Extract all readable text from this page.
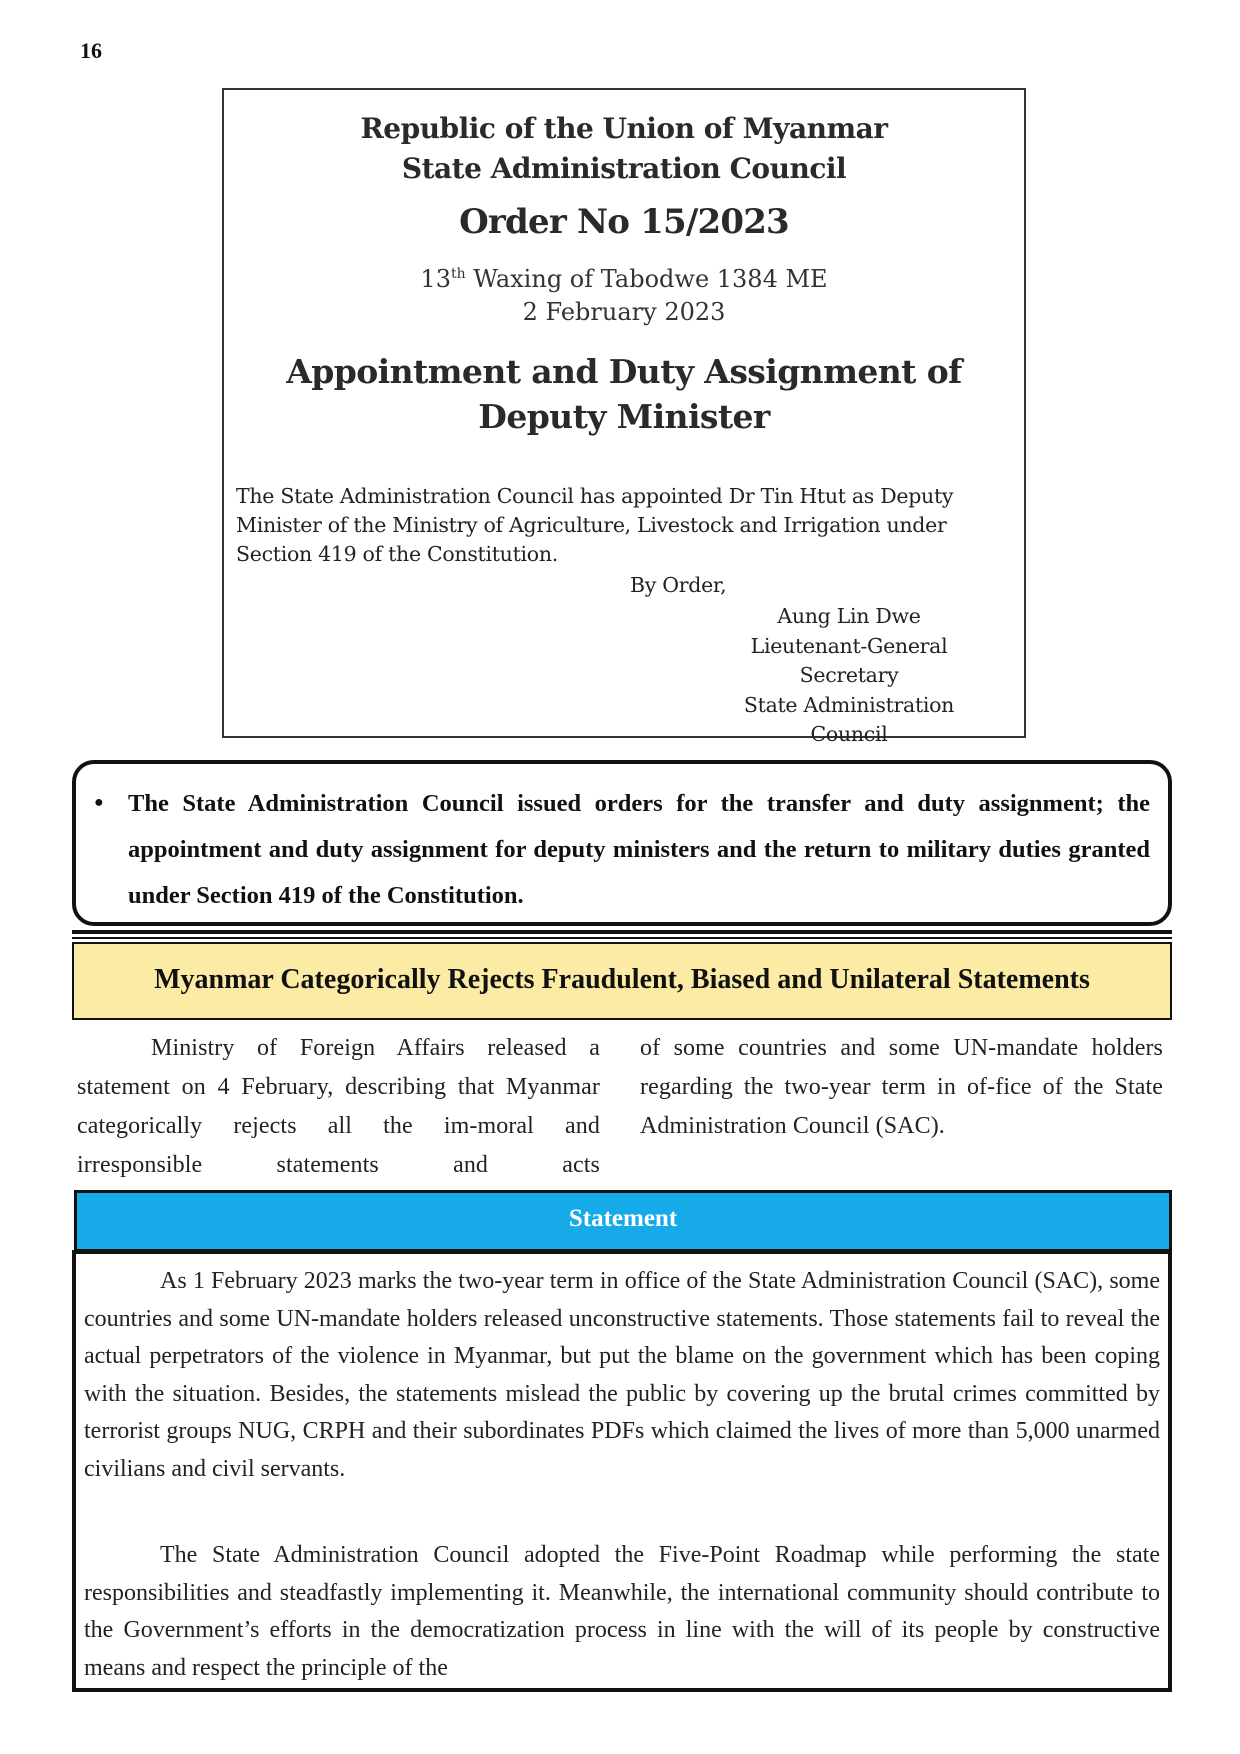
16
Republic of the Union of Myanmar
State Administration Council
Order No 15/2023
13th Waxing of Tabodwe 1384 ME
2 February 2023
Appointment and Duty Assignment of
Deputy Minister
The State Administration Council has appointed Dr Tin Htut as Deputy Minister of the Ministry of Agriculture, Livestock and Irrigation under Section 419 of the Constitution.
By Order,
Aung Lin Dwe
Lieutenant-General
Secretary
State Administration Council
● The State Administration Council issued orders for the transfer and duty assignment; the appointment and duty assignment for deputy ministers and the return to military duties granted under Section 419 of the Constitution.
Myanmar Categorically Rejects Fraudulent, Biased and Unilateral Statements
Ministry of Foreign Affairs released a statement on 4 February, describing that Myanmar categorically rejects all the im-moral and irresponsible statements and acts
of some countries and some UN-mandate holders regarding the two-year term in of-fice of the State Administration Council (SAC).
Statement
As 1 February 2023 marks the two-year term in office of the State Administration Council (SAC), some countries and some UN-mandate holders released unconstructive statements. Those statements fail to reveal the actual perpetrators of the violence in Myanmar, but put the blame on the government which has been coping with the situation. Besides, the statements mislead the public by covering up the brutal crimes committed by terrorist groups NUG, CRPH and their subordinates PDFs which claimed the lives of more than 5,000 unarmed civilians and civil servants.
The State Administration Council adopted the Five-Point Roadmap while performing the state responsibilities and steadfastly implementing it. Meanwhile, the international community should contribute to the Government’s efforts in the democratization process in line with the will of its people by constructive means and respect the principle of the
